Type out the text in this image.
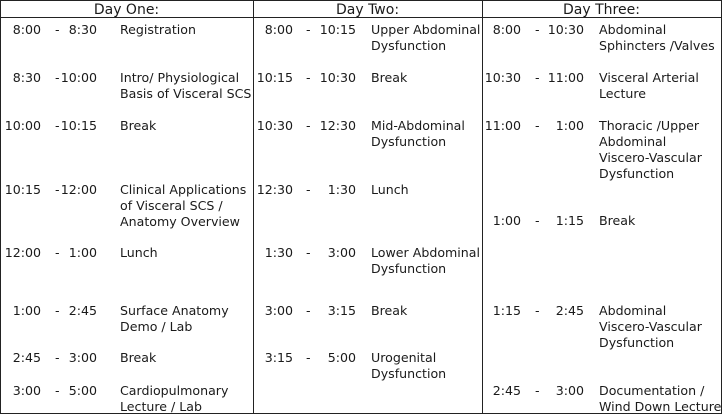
Day One:	Day Two:	Day Three:
8:00 - 8:30 Registration
8:30 - 10:00 Intro/ Physiological
Basis of Visceral SCS
10:00 - 10:15 Break
10:15 - 12:00 Clinical Applications
of Visceral SCS /
Anatomy Overview
12:00 - 1:00 Lunch
1:00 - 2:45 Surface Anatomy
Demo / Lab
2:45 - 3:00 Break
3:00 - 5:00 Cardiopulmonary
Lecture / Lab
8:00 - 10:15 Upper Abdominal
Dysfunction
10:15 - 10:30 Break
10:30 - 12:30 Mid-Abdominal
Dysfunction
12:30 - 1:30 Lunch
1:30 - 3:00 Lower Abdominal
Dysfunction
3:00 - 3:15 Break
3:15 - 5:00 Urogenital
Dysfunction
8:00 - 10:30 Abdominal
Sphincters /Valves
10:30 - 11:00 Visceral Arterial
Lecture
11:00 - 1:00 Thoracic /Upper
Abdominal
Viscero-Vascular
Dysfunction
1:00 - 1:15 Break
1:15 - 2:45 Abdominal
Viscero-Vascular
Dysfunction
2:45 - 3:00 Documentation /
Wind Down Lecture
